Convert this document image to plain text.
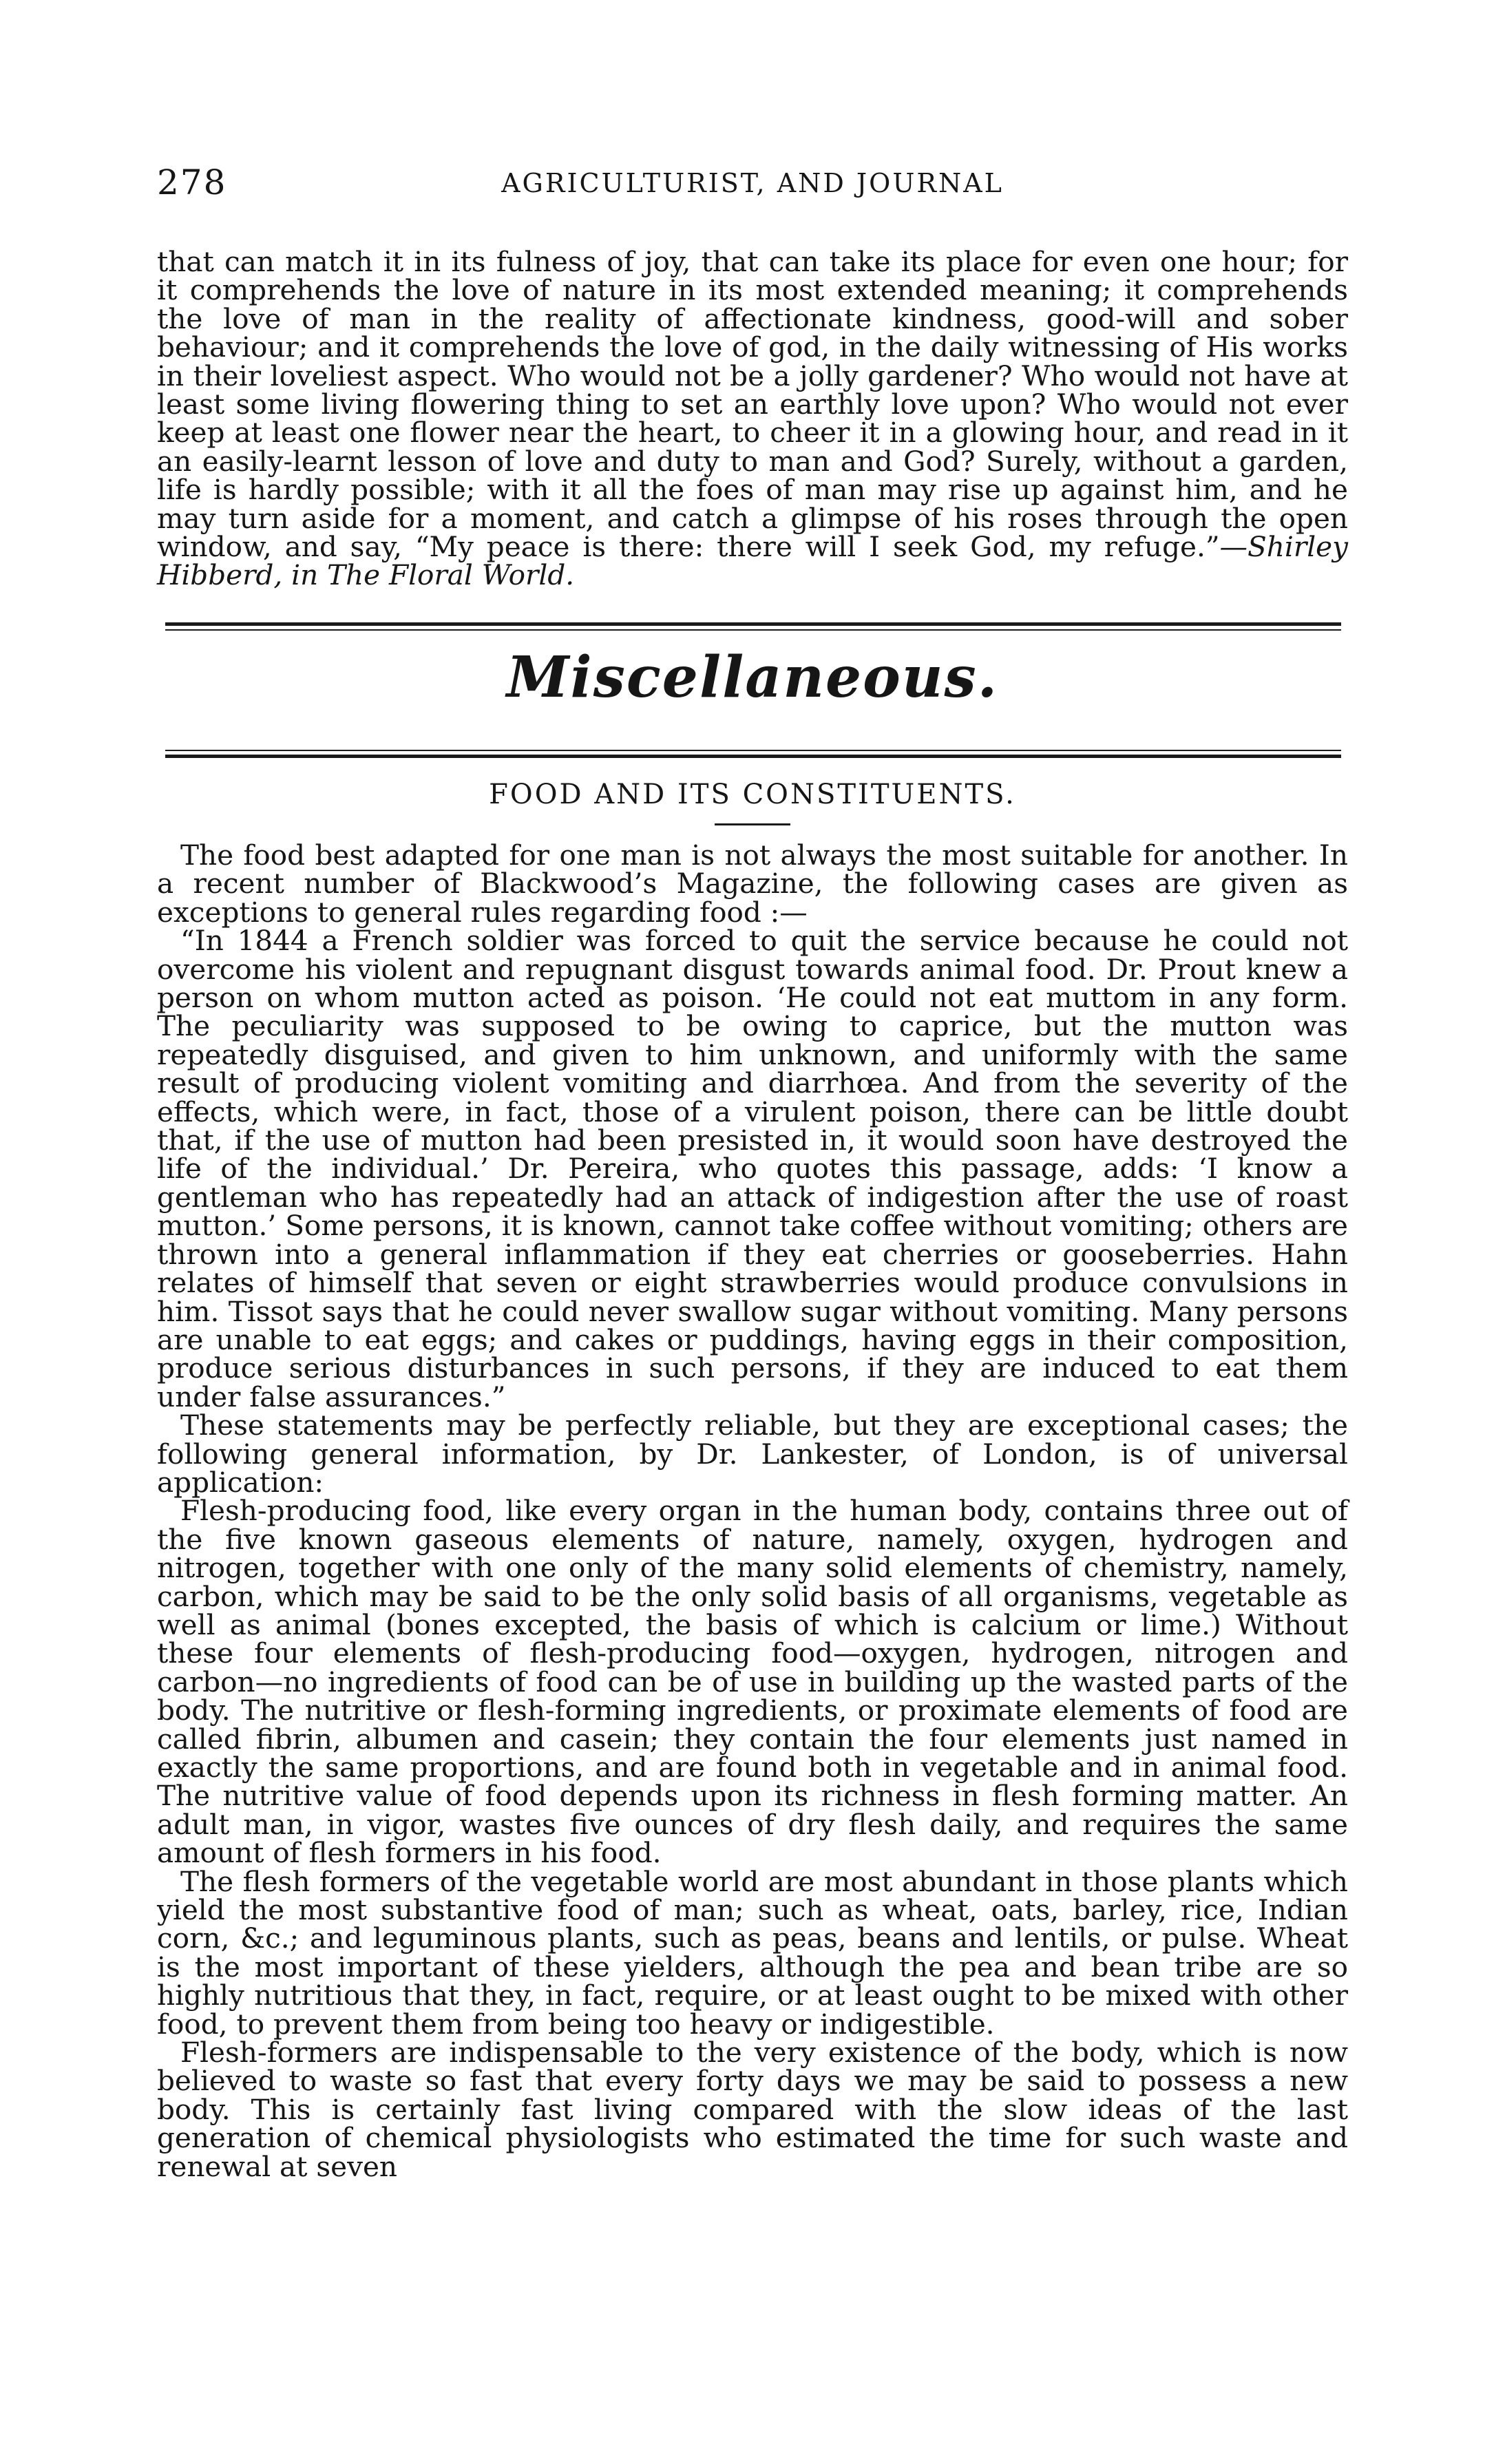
278	AGRICULTURIST, AND JOURNAL

that can match it in its fulness of joy, that can take its place for even one hour; for it comprehends the love of nature in its most extended meaning; it comprehends the love of man in the reality of affectionate kindness, good-will and sober behaviour; and it comprehends the love of god, in the daily witnessing of His works in their loveliest aspect. Who would not be a jolly gardener? Who would not have at least some living flowering thing to set an earthly love upon? Who would not ever keep at least one flower near the heart, to cheer it in a glowing hour, and read in it an easily-learnt lesson of love and duty to man and God? Surely, without a garden, life is hardly possible; with it all the foes of man may rise up against him, and he may turn aside for a moment, and catch a glimpse of his roses through the open window, and say, “My peace is there: there will I seek God, my refuge.”—Shirley Hibberd, in The Floral World.

Miscellaneous.
FOOD AND ITS CONSTITUENTS.

The food best adapted for one man is not always the most suitable for another. In a recent number of Blackwood’s Magazine, the following cases are given as exceptions to general rules regarding food :—

“In 1844 a French soldier was forced to quit the service because he could not overcome his violent and repugnant disgust towards animal food. Dr. Prout knew a person on whom mutton acted as poison. ‘He could not eat muttom in any form. The peculiarity was supposed to be owing to caprice, but the mutton was repeatedly disguised, and given to him unknown, and uniformly with the same result of producing violent vomiting and diarrhœa. And from the severity of the effects, which were, in fact, those of a virulent poison, there can be little doubt that, if the use of mutton had been presisted in, it would soon have destroyed the life of the individual.’ Dr. Pereira, who quotes this passage, adds: ‘I know a gentleman who has repeatedly had an attack of indigestion after the use of roast mutton.’ Some persons, it is known, cannot take coffee without vomiting; others are thrown into a general inflammation if they eat cherries or gooseberries. Hahn relates of himself that seven or eight strawberries would produce convulsions in him. Tissot says that he could never swallow sugar without vomiting. Many persons are unable to eat eggs; and cakes or puddings, having eggs in their composition, produce serious disturbances in such persons, if they are induced to eat them under false assurances.”

These statements may be perfectly reliable, but they are exceptional cases; the following general information, by Dr. Lankester, of London, is of universal application:

Flesh-producing food, like every organ in the human body, contains three out of the five known gaseous elements of nature, namely, oxygen, hydrogen and nitrogen, together with one only of the many solid elements of chemistry, namely, carbon, which may be said to be the only solid basis of all organisms, vegetable as well as animal (bones excepted, the basis of which is calcium or lime.) Without these four elements of flesh-producing food—oxygen, hydrogen, nitrogen and carbon—no ingredients of food can be of use in building up the wasted parts of the body. The nutritive or flesh-forming ingredients, or proximate elements of food are called fibrin, albumen and casein; they contain the four elements just named in exactly the same proportions, and are found both in vegetable and in animal food. The nutritive value of food depends upon its richness in flesh forming matter. An adult man, in vigor, wastes five ounces of dry flesh daily, and requires the same amount of flesh formers in his food.

The flesh formers of the vegetable world are most abundant in those plants which yield the most substantive food of man; such as wheat, oats, barley, rice, Indian corn, &c.; and leguminous plants, such as peas, beans and lentils, or pulse. Wheat is the most important of these yielders, although the pea and bean tribe are so highly nutritious that they, in fact, require, or at least ought to be mixed with other food, to prevent them from being too heavy or indigestible.

Flesh-formers are indispensable to the very existence of the body, which is now believed to waste so fast that every forty days we may be said to possess a new body. This is certainly fast living compared with the slow ideas of the last generation of chemical physiologists who estimated the time for such waste and renewal at seven
